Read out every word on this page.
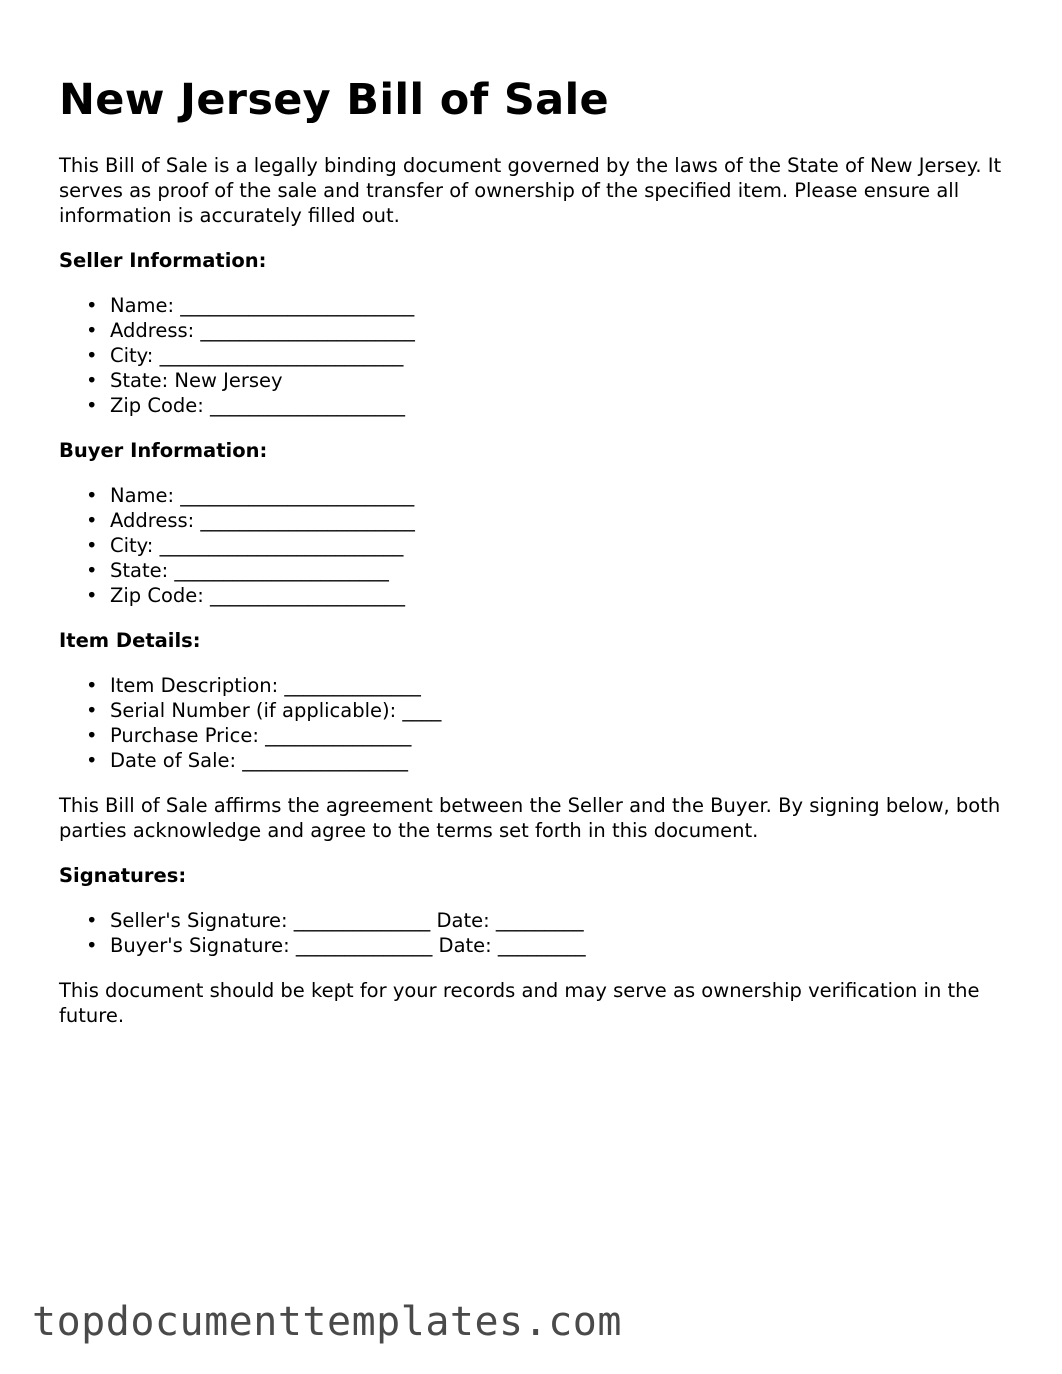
New Jersey Bill of Sale

This Bill of Sale is a legally binding document governed by the laws of the State of New Jersey. It serves as proof of the sale and transfer of ownership of the specified item. Please ensure all information is accurately filled out.

Seller Information:
• Name: ________________________
• Address: ______________________
• City: _________________________
• State: New Jersey
• Zip Code: ____________________
Buyer Information:
• Name: ________________________
• Address: ______________________
• City: _________________________
• State: ______________________
• Zip Code: ____________________
Item Details:
• Item Description: ______________
• Serial Number (if applicable): ____
• Purchase Price: _______________
• Date of Sale: _________________

This Bill of Sale affirms the agreement between the Seller and the Buyer. By signing below, both parties acknowledge and agree to the terms set forth in this document.

Signatures:
• Seller's Signature: ______________ Date: _________
• Buyer's Signature: ______________ Date: _________

This document should be kept for your records and may serve as ownership verification in the future.

topdocumenttemplates.com
